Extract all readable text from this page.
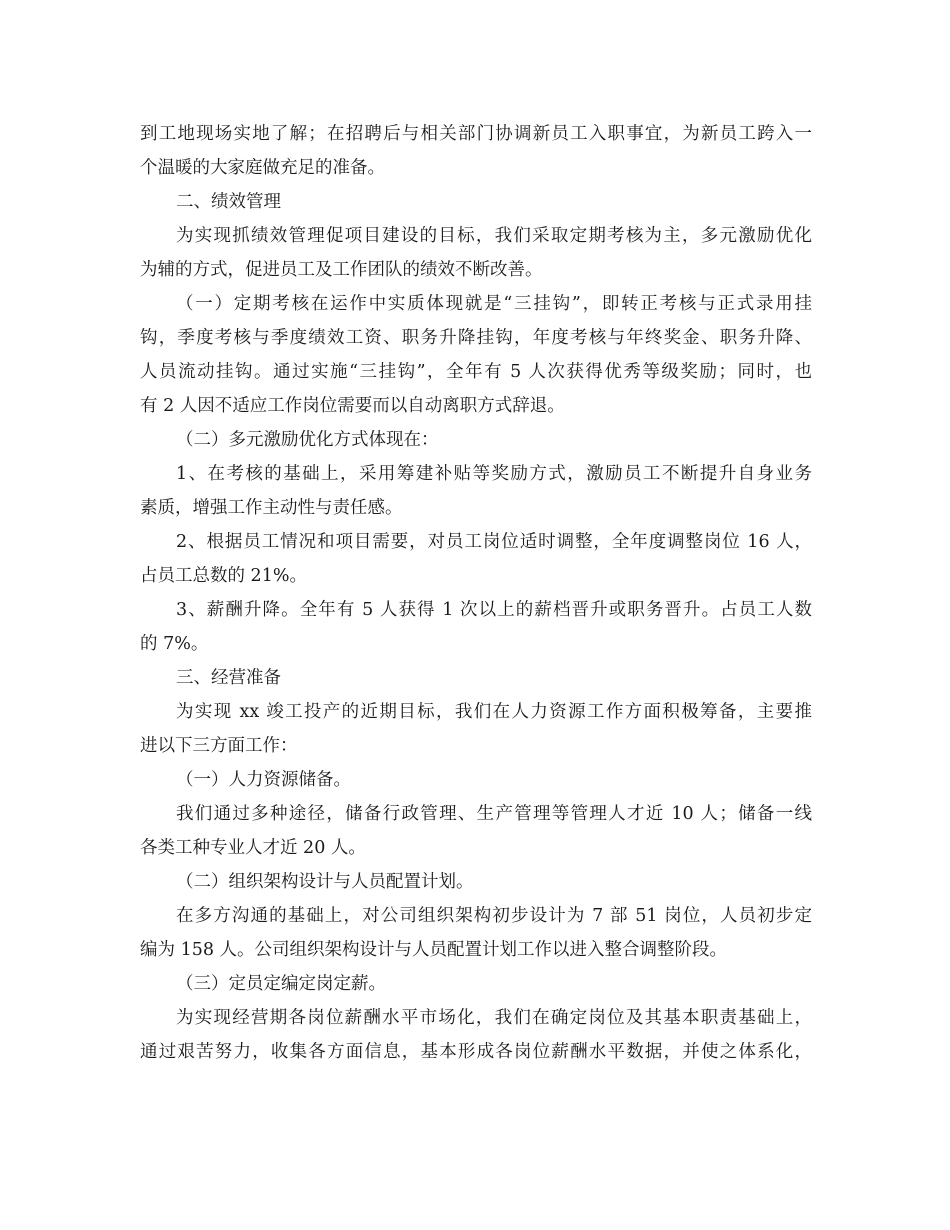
到工地现场实地了解；在招聘后与相关部门协调新员工入职事宜，为新员工跨入一
个温暖的大家庭做充足的准备。
二、绩效管理
为实现抓绩效管理促项目建设的目标，我们采取定期考核为主，多元激励优化
为辅的方式，促进员工及工作团队的绩效不断改善。
（一）定期考核在运作中实质体现就是“三挂钩”，即转正考核与正式录用挂
钩，季度考核与季度绩效工资、职务升降挂钩，年度考核与年终奖金、职务升降、
人员流动挂钩。通过实施“三挂钩”，全年有 5 人次获得优秀等级奖励；同时，也
有 2 人因不适应工作岗位需要而以自动离职方式辞退。
（二）多元激励优化方式体现在：
1、在考核的基础上，采用筹建补贴等奖励方式，激励员工不断提升自身业务
素质，增强工作主动性与责任感。
2、根据员工情况和项目需要，对员工岗位适时调整，全年度调整岗位 16 人，
占员工总数的 21%。
3、薪酬升降。全年有 5 人获得 1 次以上的薪档晋升或职务晋升。占员工人数
的 7%。
三、经营准备
为实现 xx 竣工投产的近期目标，我们在人力资源工作方面积极筹备，主要推
进以下三方面工作：
（一）人力资源储备。
我们通过多种途径，储备行政管理、生产管理等管理人才近 10 人；储备一线
各类工种专业人才近 20 人。
（二）组织架构设计与人员配置计划。
在多方沟通的基础上，对公司组织架构初步设计为 7 部 51 岗位，人员初步定
编为 158 人。公司组织架构设计与人员配置计划工作以进入整合调整阶段。
（三）定员定编定岗定薪。
为实现经营期各岗位薪酬水平市场化，我们在确定岗位及其基本职责基础上，
通过艰苦努力，收集各方面信息，基本形成各岗位薪酬水平数据，并使之体系化，
